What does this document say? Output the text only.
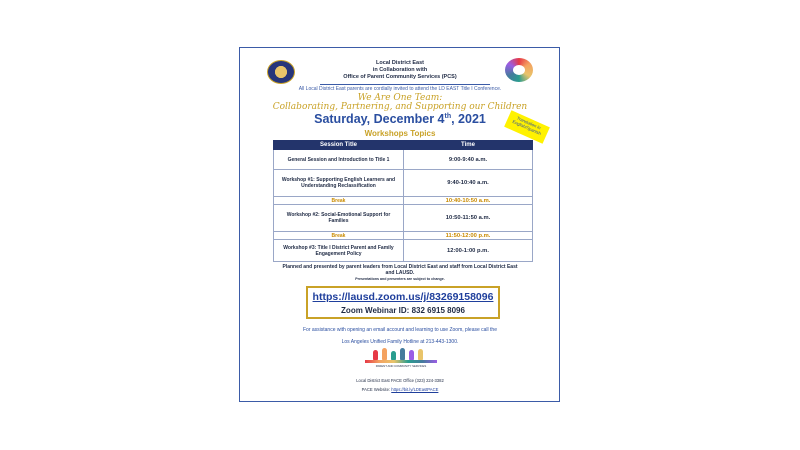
Local District East
in Collaboration with
Office of Parent Community Services (PCS)
All Local District East parents are cordially invited to attend the LD EAST Title I Conference.
We Are One Team:
Collaborating, Partnering, and Supporting our Children
Saturday, December 4th, 2021	Translation in English/Spanish
Workshops Topics
Session Title	Time
General Session and Introduction to Title 1	9:00-9:40 a.m.
Workshop #1: Supporting English Learners and Understanding Reclassification	9:40-10:40 a.m.
Break	10:40-10:50 a.m.
Workshop #2: Social-Emotional Support for Families	10:50-11:50 a.m.
Break	11:50-12:00 p.m.
Workshop #3: Title I District Parent and Family Engagement Policy	12:00-1:00 p.m.
Planned and presented by parent leaders from Local District East and staff from Local District East and LAUSD.
Presentations and presenters are subject to change.
https://lausd.zoom.us/j/83269158096
Zoom Webinar ID: 832 6915 8096
For assistance with opening an email account and learning to use Zoom, please call the
Los Angeles Unified Family Hotline at 213-443-1300.
PARENT AND COMMUNITY SERVICES
Local District East PACE Office (323) 224-3382
PACE Website: https://bit.ly/LDEastPACE
